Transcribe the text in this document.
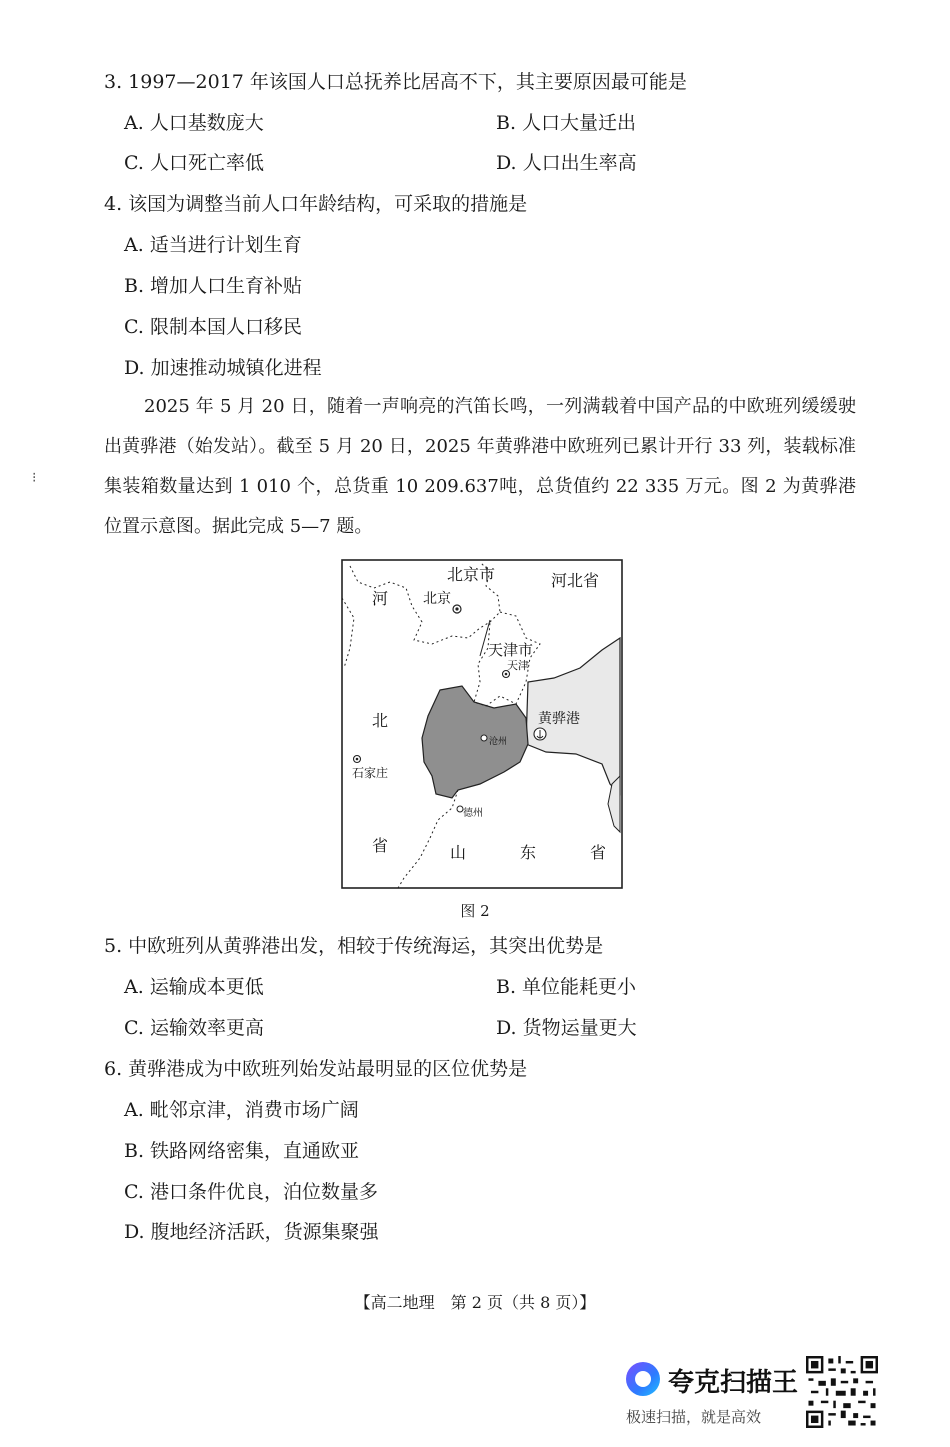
3. 1997—2017 年该国人口总抚养比居高不下，其主要原因最可能是
A. 人口基数庞大	B. 人口大量迁出
C. 人口死亡率低	D. 人口出生率高
4. 该国为调整当前人口年龄结构，可采取的措施是
A. 适当进行计划生育
B. 增加人口生育补贴
C. 限制本国人口移民
D. 加速推动城镇化进程
2025 年 5 月 20 日，随着一声响亮的汽笛长鸣，一列满载着中国产品的中欧班列缓缓驶出黄骅港（始发站）。截至 5 月 20 日，2025 年黄骅港中欧班列已累计开行 33 列，装载标准集装箱数量达到 1 010 个，总货重 10 209.637吨，总货值约 22 335 万元。图 2 为黄骅港位置示意图。据此完成 5—7 题。
⁝
北京市	河北省
河 北京
天津市
天津
北	黄骅港
沧州
石家庄
德州
省	山	东	省
图 2
5. 中欧班列从黄骅港出发，相较于传统海运，其突出优势是
A. 运输成本更低	B. 单位能耗更小
C. 运输效率更高	D. 货物运量更大
6. 黄骅港成为中欧班列始发站最明显的区位优势是
A. 毗邻京津，消费市场广阔
B. 铁路网络密集，直通欧亚
C. 港口条件优良，泊位数量多
D. 腹地经济活跃，货源集聚强
【高二地理　第 2 页（共 8 页）】
夸克扫描王
极速扫描，就是高效
